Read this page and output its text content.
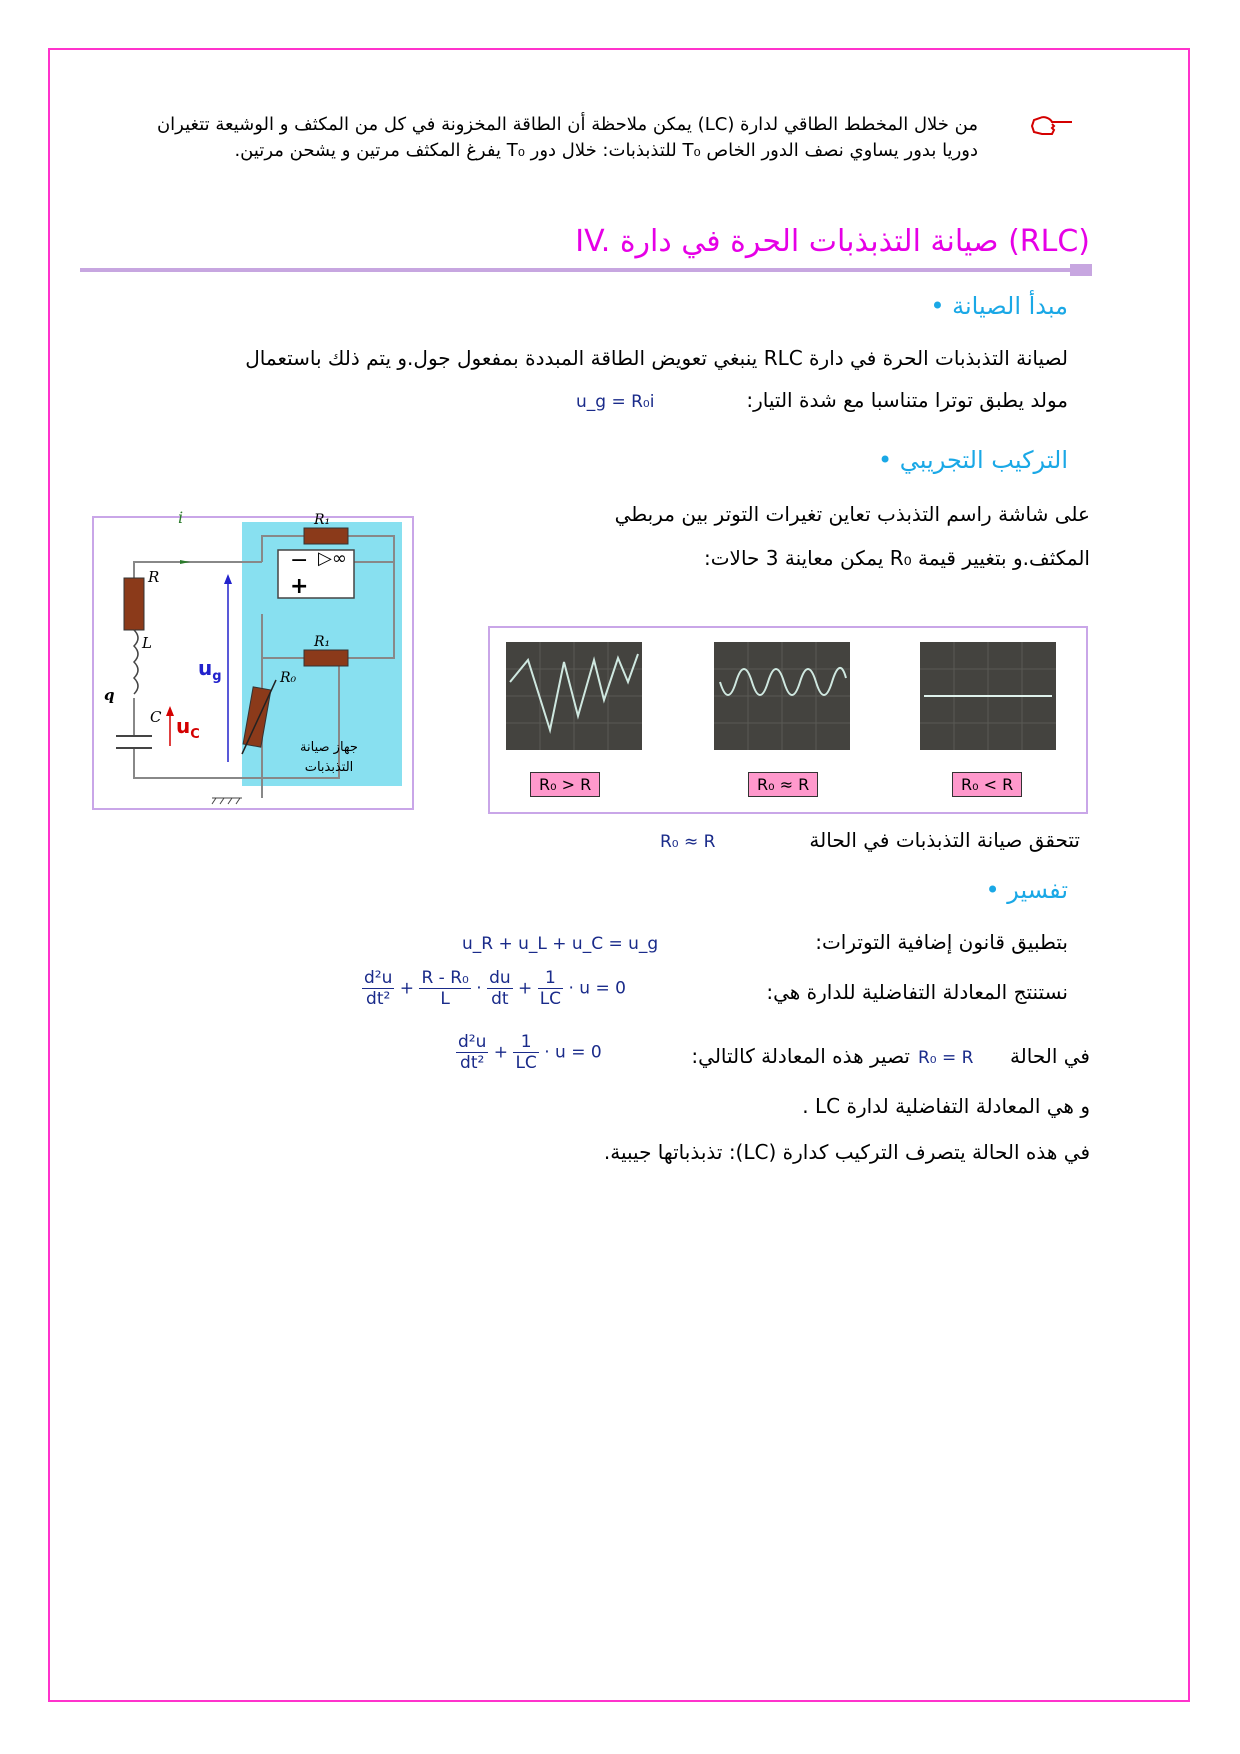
من خلال المخطط الطاقي لدارة (LC) يمكن ملاحظة أن الطاقة المخزونة في كل من المكثف و الوشيعة تتغيران دوريا بدور يساوي نصف الدور الخاص T₀ للتذبذبات: خلال دور T₀ يفرغ المكثف مرتين و يشحن مرتين.
IV. صيانة التذبذبات الحرة في دارة (RLC)
مبدأ الصيانة •
لصيانة التذبذبات الحرة في دارة RLC ينبغي تعويض الطاقة المبددة بمفعول جول.و يتم ذلك باستعمال
مولد يطبق توترا متناسبا مع شدة التيار:
u_g = R₀i
التركيب التجريبي •
على شاشة راسم التذبذب تعاين تغيرات التوتر بين مربطي
المكثف.و بتغيير قيمة R₀ يمكن معاينة 3 حالات:
i
R
L
q
C
R₁
R₁
R₀
−
+
▷∞
$u_g$
$u_C$
جهاز صيانة
التذبذبات
R₀ > R	R₀ ≈ R	R₀ < R
تتحقق صيانة التذبذبات في الحالة
R₀ ≈ R
تفسير •
بتطبيق قانون إضافية التوترات:
u_R + u_L + u_C = u_g
نستنتج المعادلة التفاضلية للدارة هي:
$\frac{\text{d²u}}{\text{dt²}} + \frac{\text{R - R₀}}{L} \cdot \frac{du}{dt} + \frac{1}{LC} \cdot u = 0$
في الحالة
R₀ = R
تصير هذه المعادلة كالتالي:
$\frac{\text{d²u}}{\text{dt²}} + \frac{1}{LC} \cdot u = 0$
و هي المعادلة التفاضلية لدارة LC .
في هذه الحالة يتصرف التركيب كدارة (LC): تذبذباتها جيبية.
